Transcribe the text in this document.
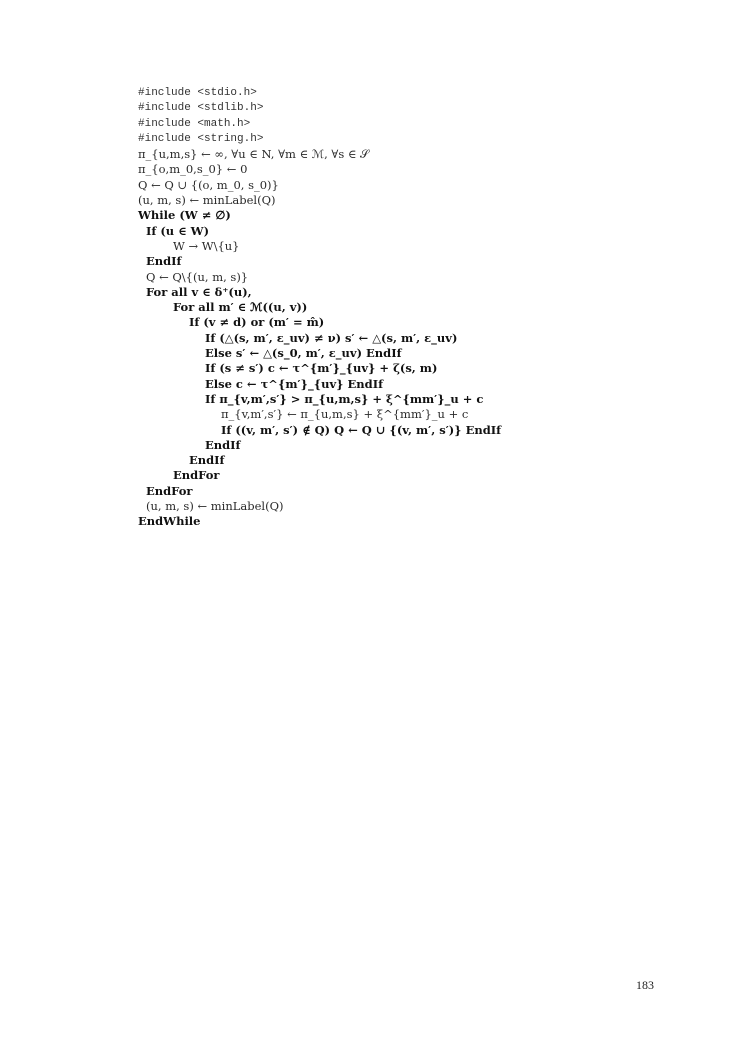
#include <stdio.h>
#include <stdlib.h>
#include <math.h>
#include <string.h>
π_{u,m,s} ← ∞, ∀u ∈ N, ∀m ∈ ℳ, ∀s ∈ 𝒮
π_{o,m_0,s_0} ← 0
Q ← Q ∪ {(o, m_0, s_0)}
(u, m, s) ← minLabel(Q)
While (W ≠ ∅)
If (u ∈ W)
W → W\{u}
EndIf
Q ← Q\{(u, m, s)}
For all v ∈ δ⁺(u),
For all m′ ∈ ℳ((u, v))
If (v ≠ d) or (m′ = m̂)
If (△(s, m′, ε_uv) ≠ ν) s′ ← △(s, m′, ε_uv)
Else s′ ← △(s_0, m′, ε_uv) EndIf
If (s ≠ s′) c ← τ^{m′}_{uv} + ζ(s, m)
Else c ← τ^{m′}_{uv} EndIf
If π_{v,m′,s′} > π_{u,m,s} + ξ^{mm′}_u + c
π_{v,m′,s′} ← π_{u,m,s} + ξ^{mm′}_u + c
If ((v, m′, s′) ∉ Q) Q ← Q ∪ {(v, m′, s′)} EndIf
EndIf
EndIf
EndFor
EndFor
(u, m, s) ← minLabel(Q)
EndWhile
183
